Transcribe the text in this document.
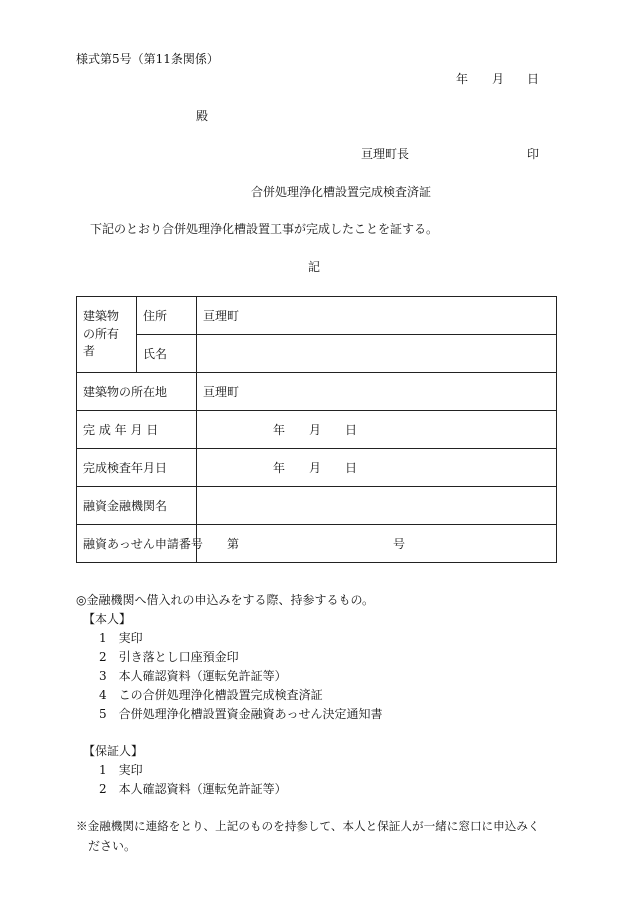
様式第5号（第11条関係）
年 月 日
殿
亘理町長	印
合併処理浄化槽設置完成検査済証
下記のとおり合併処理浄化槽設置工事が完成したことを証する。
記
建築物の所有者	住所	亘理町
	氏名	
建築物の所在地		亘理町
完 成 年 月 日		年 月 日

完成検査年月日		年 月 日

融資金融機関名		
融資あっせん申請番号		第 号
◎金融機関へ借入れの申込みをする際、持参するもの。
【本人】
1 実印
2 引き落とし口座預金印
3 本人確認資料（運転免許証等）
4 この合併処理浄化槽設置完成検査済証
5 合併処理浄化槽設置資金融資あっせん決定通知書
【保証人】
1 実印
2 本人確認資料（運転免許証等）
※金融機関に連絡をとり、上記のものを持参して、本人と保証人が一緒に窓口に申込みく
ださい。
